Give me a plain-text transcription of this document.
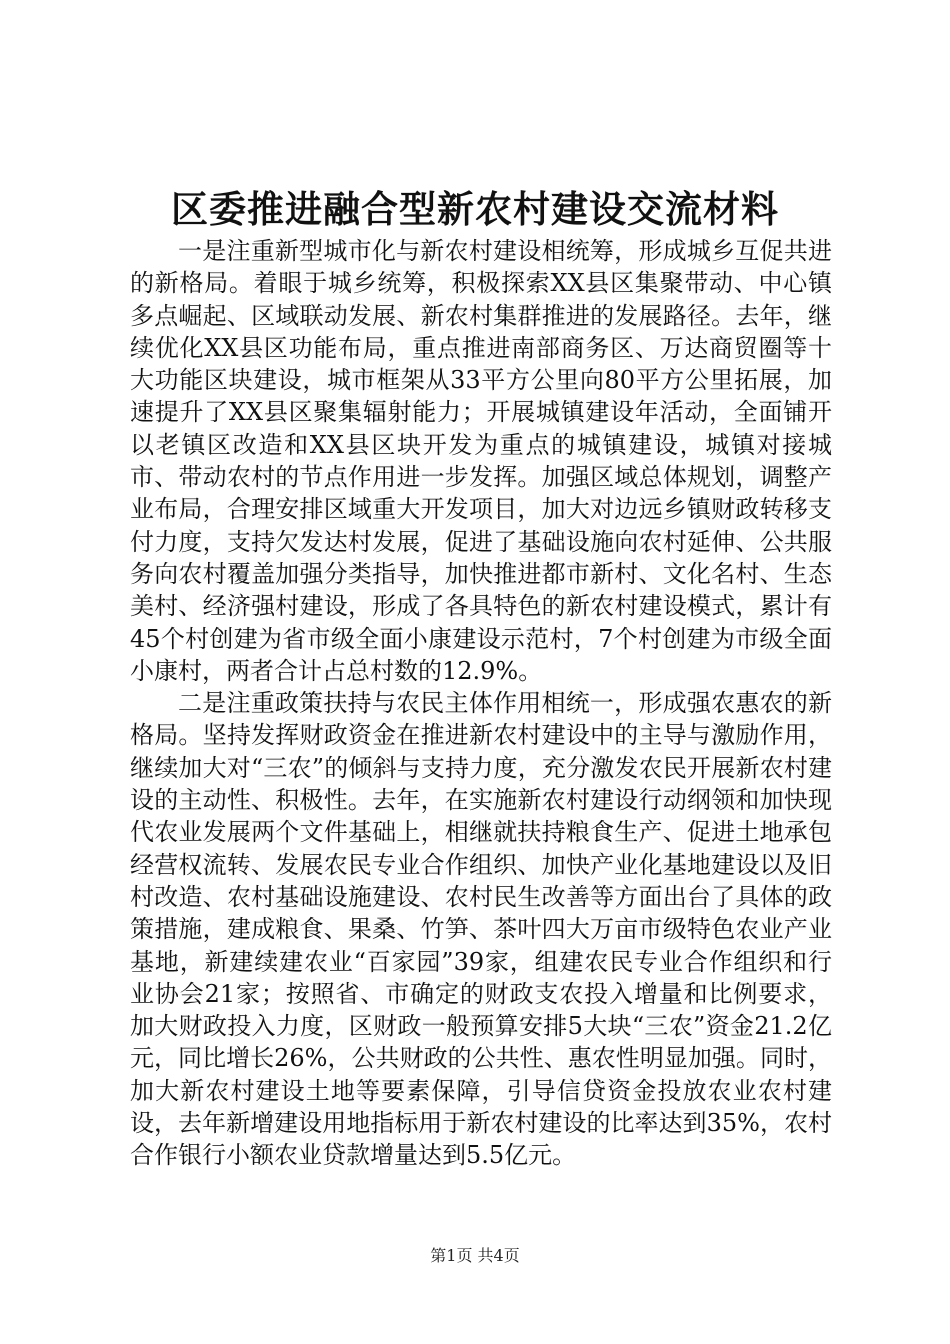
区委推进融合型新农村建设交流材料

一是注重新型城市化与新农村建设相统筹，形成城乡互促共进的新格局。着眼于城乡统筹，积极探索XX县区集聚带动、中心镇多点崛起、区域联动发展、新农村集群推进的发展路径。去年，继续优化XX县区功能布局，重点推进南部商务区、万达商贸圈等十大功能区块建设，城市框架从33平方公里向80平方公里拓展，加速提升了XX县区聚集辐射能力；开展城镇建设年活动，全面铺开以老镇区改造和XX县区块开发为重点的城镇建设，城镇对接城市、带动农村的节点作用进一步发挥。加强区域总体规划，调整产业布局，合理安排区域重大开发项目，加大对边远乡镇财政转移支付力度，支持欠发达村发展，促进了基础设施向农村延伸、公共服务向农村覆盖加强分类指导，加快推进都市新村、文化名村、生态美村、经济强村建设，形成了各具特色的新农村建设模式，累计有45个村创建为省市级全面小康建设示范村，7个村创建为市级全面小康村，两者合计占总村数的12.9%。

二是注重政策扶持与农民主体作用相统一，形成强农惠农的新格局。坚持发挥财政资金在推进新农村建设中的主导与激励作用，继续加大对“三农”的倾斜与支持力度，充分激发农民开展新农村建设的主动性、积极性。去年，在实施新农村建设行动纲领和加快现代农业发展两个文件基础上，相继就扶持粮食生产、促进土地承包经营权流转、发展农民专业合作组织、加快产业化基地建设以及旧村改造、农村基础设施建设、农村民生改善等方面出台了具体的政策措施，建成粮食、果桑、竹笋、茶叶四大万亩市级特色农业产业基地，新建续建农业“百家园”39家，组建农民专业合作组织和行业协会21家；按照省、市确定的财政支农投入增量和比例要求，加大财政投入力度，区财政一般预算安排5大块“三农”资金21.2亿元，同比增长26%，公共财政的公共性、惠农性明显加强。同时，加大新农村建设土地等要素保障，引导信贷资金投放农业农村建设，去年新增建设用地指标用于新农村建设的比率达到35%，农村合作银行小额农业贷款增量达到5.5亿元。

第1页 共4页
